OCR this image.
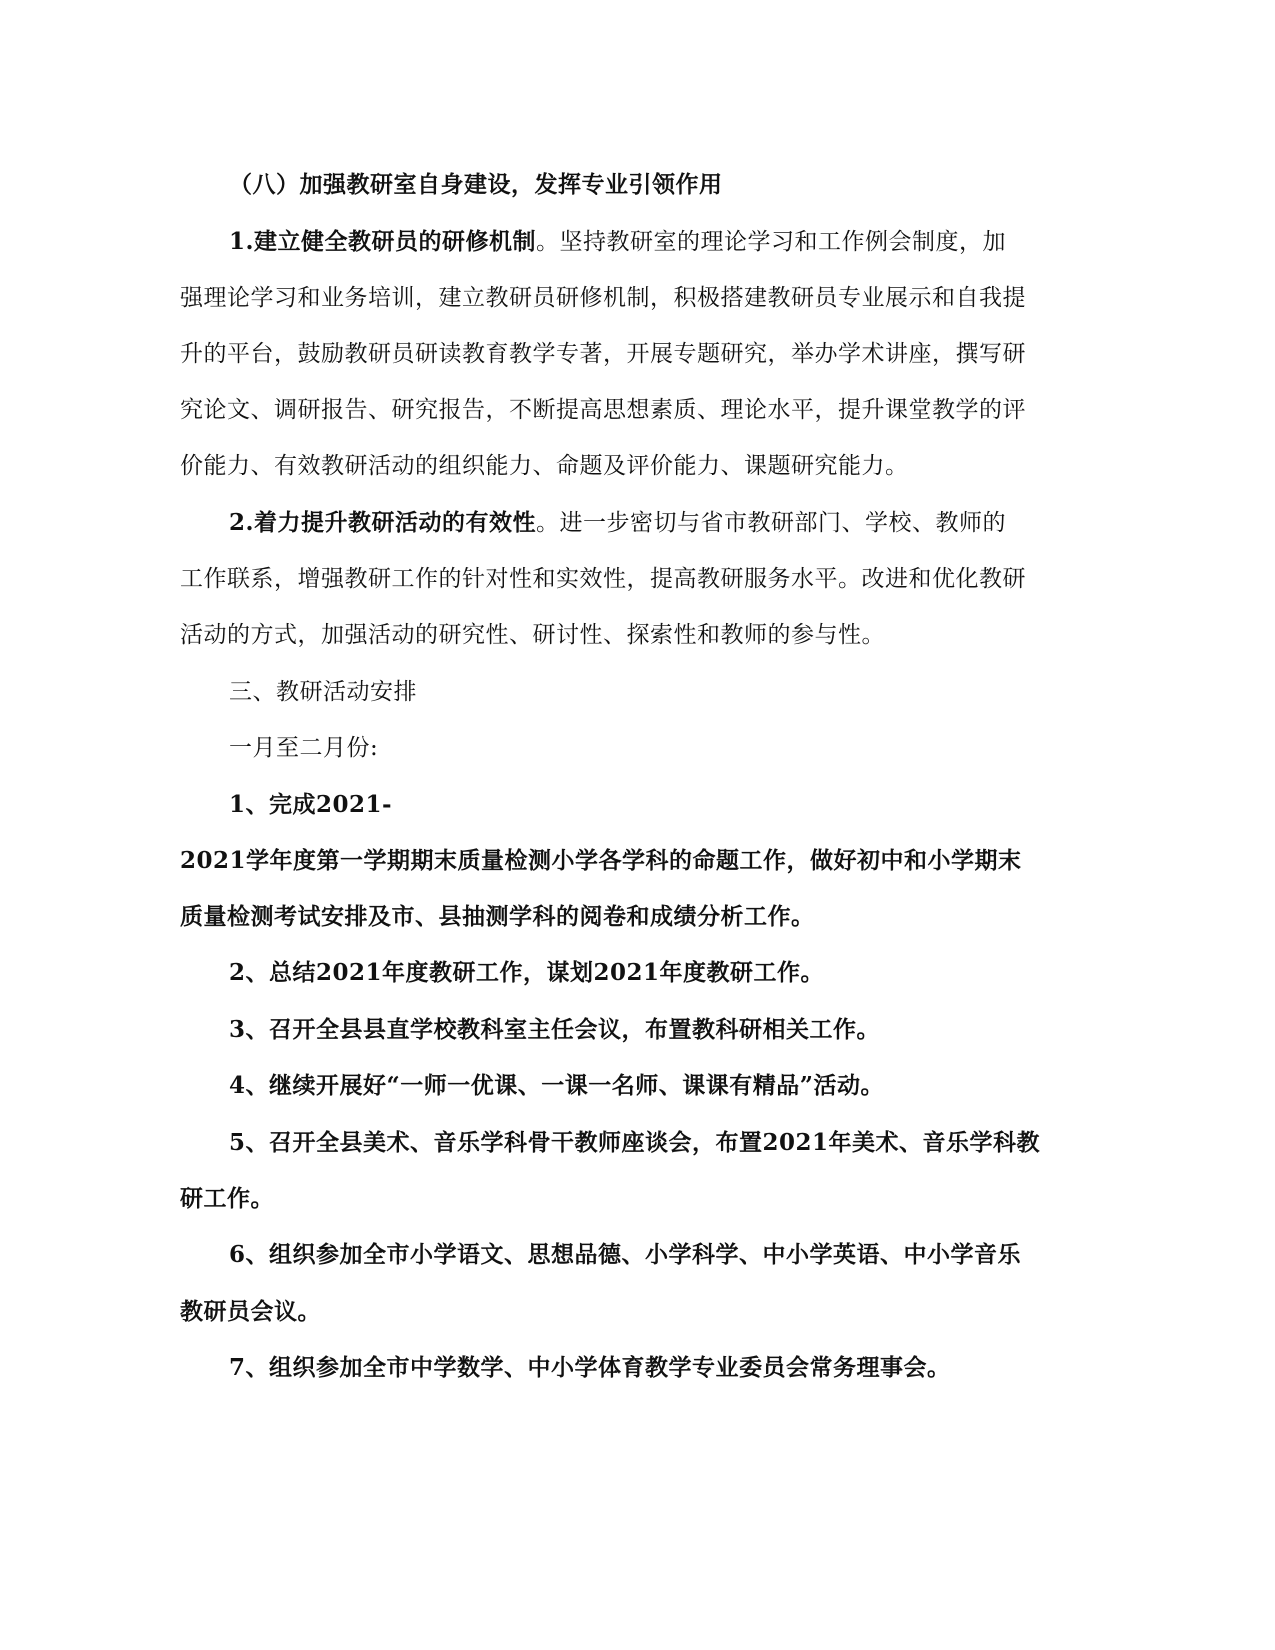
（八）加强教研室自身建设，发挥专业引领作用
1.建立健全教研员的研修机制。坚持教研室的理论学习和工作例会制度，加
强理论学习和业务培训，建立教研员研修机制，积极搭建教研员专业展示和自我提
升的平台，鼓励教研员研读教育教学专著，开展专题研究，举办学术讲座，撰写研
究论文、调研报告、研究报告，不断提高思想素质、理论水平，提升课堂教学的评
价能力、有效教研活动的组织能力、命题及评价能力、课题研究能力。
2.着力提升教研活动的有效性。进一步密切与省市教研部门、学校、教师的
工作联系，增强教研工作的针对性和实效性，提高教研服务水平。改进和优化教研
活动的方式，加强活动的研究性、研讨性、探索性和教师的参与性。
三、教研活动安排
一月至二月份:
1、完成2021-
2021学年度第一学期期末质量检测小学各学科的命题工作，做好初中和小学期末
质量检测考试安排及市、县抽测学科的阅卷和成绩分析工作。
2、总结2021年度教研工作，谋划2021年度教研工作。
3、召开全县县直学校教科室主任会议，布置教科研相关工作。
4、继续开展好“一师一优课、一课一名师、课课有精品”活动。
5、召开全县美术、音乐学科骨干教师座谈会，布置2021年美术、音乐学科教
研工作。
6、组织参加全市小学语文、思想品德、小学科学、中小学英语、中小学音乐
教研员会议。
7、组织参加全市中学数学、中小学体育教学专业委员会常务理事会。
